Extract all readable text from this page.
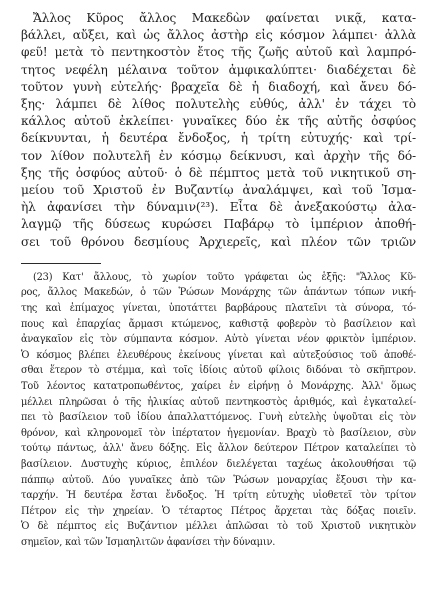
Ἄλλος Κῦρος ἄλλος Μακεδὼν φαίνεται νικᾷ, κατα-
βάλλει, αὔξει, καὶ ὡς ἄλλος ἀστὴρ εἰς κόσμον λάμπει· ἀλλὰ
φεῦ! μετὰ τὸ πεντηκοστὸν ἔτος τῆς ζωῆς αὐτοῦ καὶ λαμπρό-
τητος νεφέλη μέλαινα τοῦτον ἀμφικαλύπτει· διαδέχεται δὲ
τοῦτον γυνὴ εὐτελής· βραχεῖα δὲ ἡ διαδοχή, καὶ ἄνευ δό-
ξης· λάμπει δὲ λίθος πολυτελὴς εὐθύς, ἀλλ' ἐν τάχει τὸ
κάλλος αὐτοῦ ἐκλείπει· γυναῖκες δύο ἐκ τῆς αὐτῆς ὀσφύος
δείκνυνται, ἡ δευτέρα ἔνδοξος, ἡ τρίτη εὐτυχής· καὶ τρί-
τον λίθον πολυτελῆ ἐν κόσμῳ δείκνυσι, καὶ ἀρχὴν τῆς δό-
ξης τῆς ὀσφύος αὐτοῦ· ὁ δὲ πέμπτος μετὰ τοῦ νικητικοῦ ση-
μείου τοῦ Χριστοῦ ἐν Βυζαντίῳ ἀναλάμψει, καὶ τοῦ Ἰσμα-
ὴλ ἀφανίσει τὴν δύναμιν(²³). Εἶτα δὲ ἀνεξακούστῳ ἀλα-
λαγμῷ τῆς δύσεως κυρώσει Παβάρῳ τὸ ἱμπέριον ἀποθή-
σει τοῦ θρόνου δεσμίους Ἀρχιερεῖς, καὶ πλέον τῶν τριῶν
(23) Κατ' ἄλλους, τὸ χωρίον τοῦτο γράφεται ὡς ἑξῆς: "Ἄλλος Κῦ-
ρος, ἄλλος Μακεδών, ὁ τῶν Ῥώσων Μονάρχης τῶν ἁπάντων τόπων νική-
της καὶ ἐπίμαχος γίνεται, ὑποτάττει βαρβάρους πλατεῖνι τὰ σύνορα, τό-
πους καὶ ἐπαρχίας ἄρμασι κτώμενος, καθιστᾷ φοβερὸν τὸ βασίλειον καὶ
ἀναγκαῖον εἰς τὸν σύμπαντα κόσμον. Αὐτὸ γίνεται νέον φρικτὸν ἱμπέριον.
Ὁ κόσμος βλέπει ἐλευθέρους ἐκείνους γίνεται καὶ αὐτεξούσιος τοῦ ἀποθέ-
σθαι ἕτερον τὸ στέμμα, καὶ τοῖς ἰδίοις αὐτοῦ φίλοις διδόναι τὸ σκῆπτρον.
Τοῦ λέοντος κατατροπωθέντος, χαίρει ἐν εἰρήνῃ ὁ Μονάρχης. Ἀλλ' ὅμως
μέλλει πληρῶσαι ὁ τῆς ἡλικίας αὐτοῦ πεντηκοστὸς ἀριθμός, καὶ ἐγκαταλεί-
πει τὸ βασίλειον τοῦ ἰδίου ἀπαλλαττόμενος. Γυνὴ εὐτελὴς ὑψοῦται εἰς τὸν
θρόνον, καὶ κληρονομεῖ τὸν ἱπέρτατον ἡγεμονίαν. Βραχὺ τὸ βασίλειον, σὺν
τούτῳ πάντως, ἀλλ' ἄνευ δόξης. Εἰς ἄλλον δεύτερον Πέτρον καταλείπει τὸ
βασίλειον. Δυστυχὴς κύριος, ἐπιλέον διελέγεται ταχέως ἀκολουθήσαι τῷ
πάππῳ αὐτοῦ. Δύο γυναῖκες ἀπὸ τῶν Ῥώσων μοναρχίας ἔξουσι τὴν κα-
ταρχήν. Ἡ δευτέρα ἔσται ἔνδοξος. Ἡ τρίτη εὐτυχὴς υἱοθετεῖ τὸν τρίτον
Πέτρον εἰς τὴν χηρείαν. Ὁ τέταρτος Πέτρος ἄρχεται τὰς δόξας ποιεῖν.
Ὁ δὲ πέμπτος εἰς Βυζάντιον μέλλει ἀπλῶσαι τὸ τοῦ Χριστοῦ νικητικὸν
σημεῖον, καὶ τῶν Ἰσμαηλιτῶν ἀφανίσει τὴν δύναμιν.
